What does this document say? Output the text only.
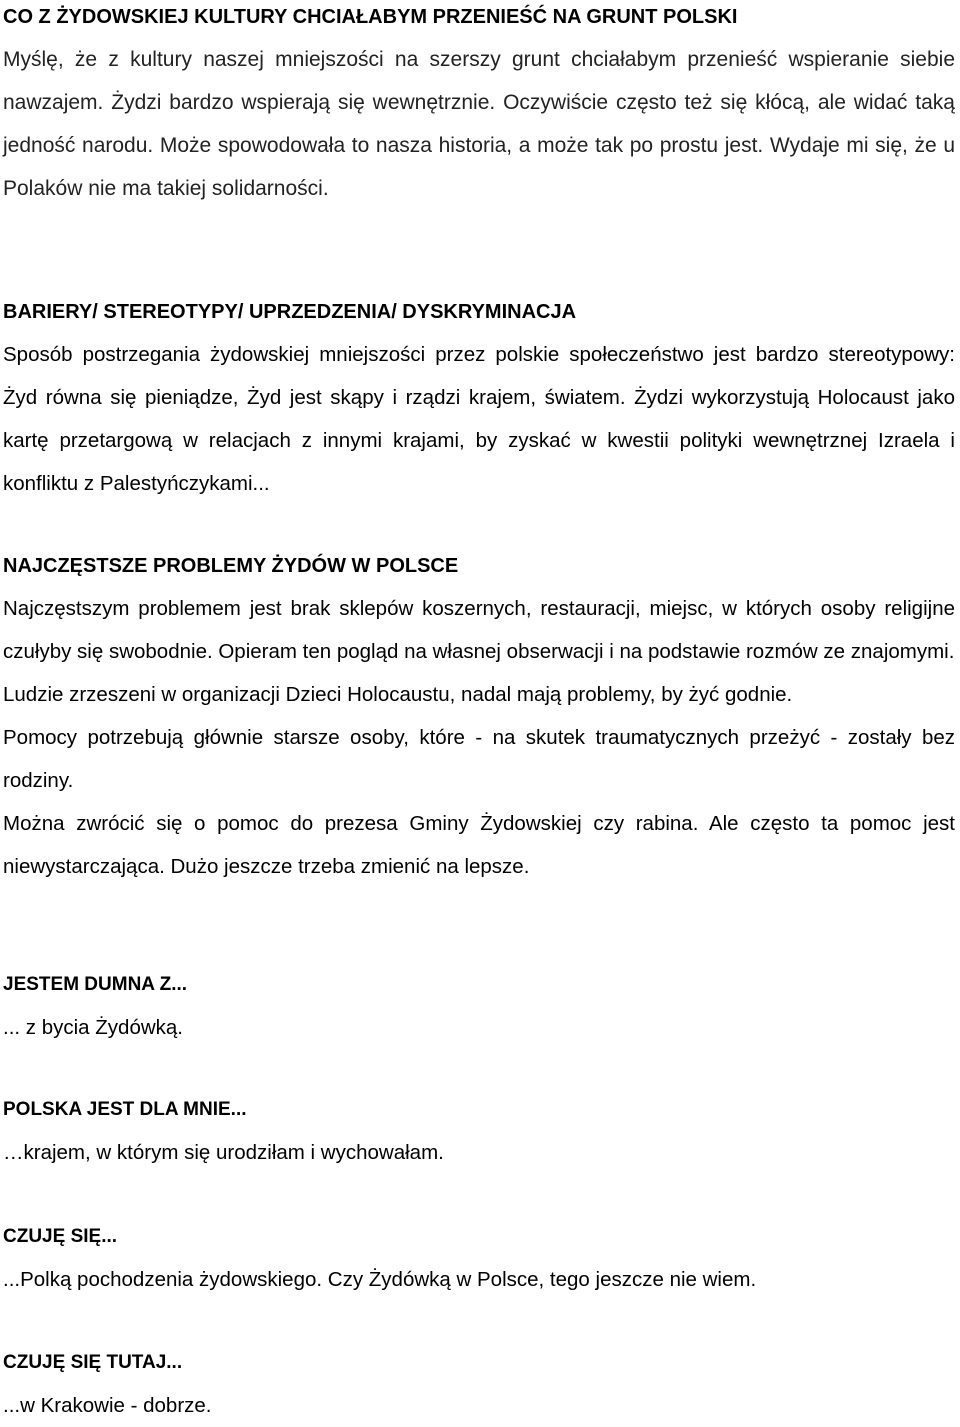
CO Z ŻYDOWSKIEJ KULTURY CHCIAŁABYM PRZENIEŚĆ NA GRUNT POLSKI

Myślę, że z kultury naszej mniejszości na szerszy grunt chciałabym przenieść wspieranie siebie nawzajem. Żydzi bardzo wspierają się wewnętrznie. Oczywiście często też się kłócą, ale widać taką jedność narodu. Może spowodowała to nasza historia, a może tak po prostu jest. Wydaje mi się, że u Polaków nie ma takiej solidarności.

BARIERY/ STEREOTYPY/ UPRZEDZENIA/ DYSKRYMINACJA

Sposób postrzegania żydowskiej mniejszości przez polskie społeczeństwo jest bardzo stereotypowy: Żyd równa się pieniądze, Żyd jest skąpy i rządzi krajem, światem. Żydzi wykorzystują Holocaust jako kartę przetargową w relacjach z innymi krajami, by zyskać w kwestii polityki wewnętrznej Izraela i konfliktu z Palestyńczykami...

NAJCZĘSTSZE PROBLEMY ŻYDÓW W POLSCE

Najczęstszym problemem jest brak sklepów koszernych, restauracji, miejsc, w których osoby religijne czułyby się swobodnie. Opieram ten pogląd na własnej obserwacji i na podstawie rozmów ze znajomymi.

Ludzie zrzeszeni w organizacji Dzieci Holocaustu, nadal mają problemy, by żyć godnie.

Pomocy potrzebują głównie starsze osoby, które - na skutek traumatycznych przeżyć - zostały bez rodziny.

Można zwrócić się o pomoc do prezesa Gminy Żydowskiej czy rabina. Ale często ta pomoc jest niewystarczająca. Dużo jeszcze trzeba zmienić na lepsze.

JESTEM DUMNA Z...

... z bycia Żydówką.

POLSKA JEST DLA MNIE...

…krajem, w którym się urodziłam i wychowałam.

CZUJĘ SIĘ...

...Polką pochodzenia żydowskiego. Czy Żydówką w Polsce, tego jeszcze nie wiem.

CZUJĘ SIĘ TUTAJ...

...w Krakowie - dobrze.
